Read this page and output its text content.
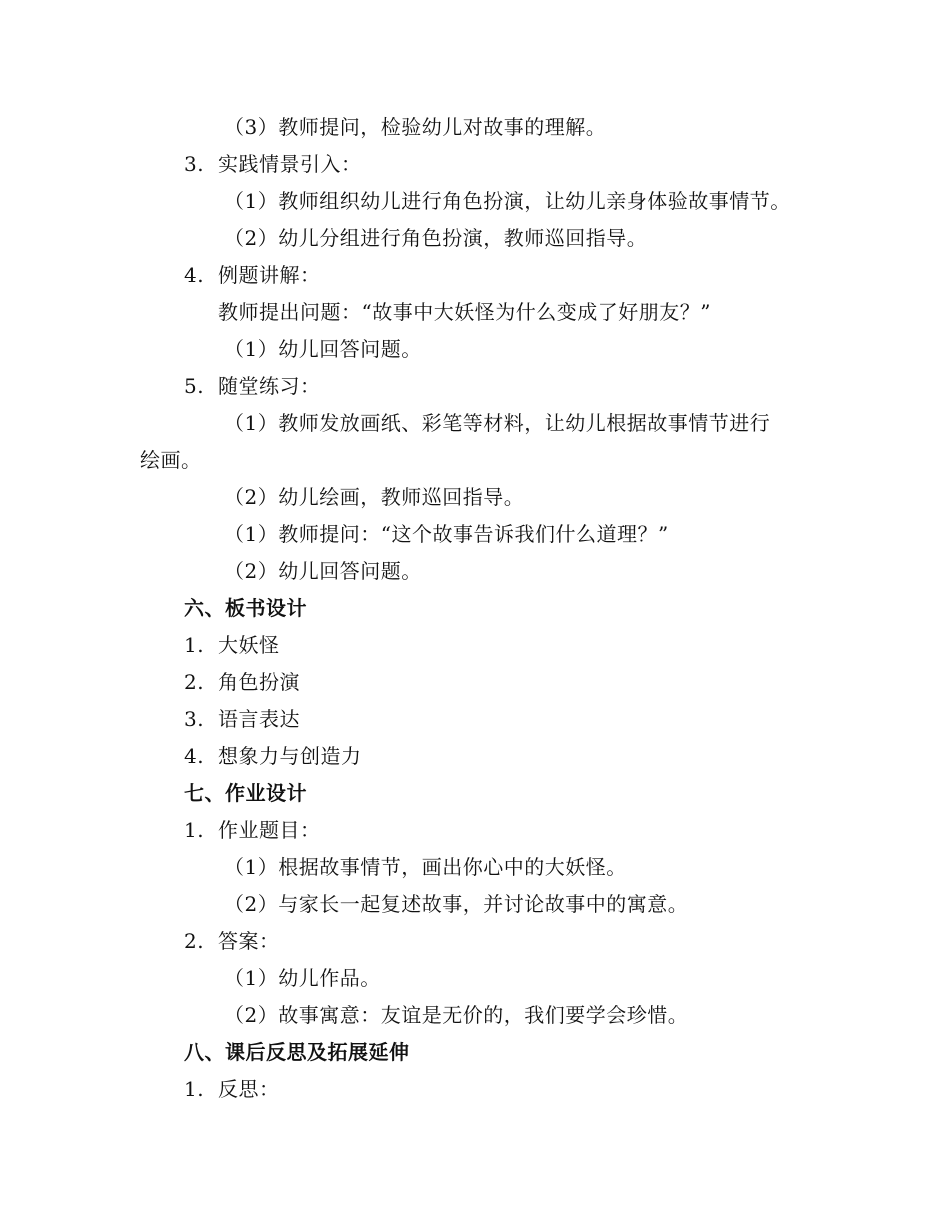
（3）教师提问，检验幼儿对故事的理解。
3. 实践情景引入：
（1）教师组织幼儿进行角色扮演，让幼儿亲身体验故事情节。
（2）幼儿分组进行角色扮演，教师巡回指导。
4. 例题讲解：
教师提出问题：“故事中大妖怪为什么变成了好朋友？”
（1）幼儿回答问题。
5. 随堂练习：
（1）教师发放画纸、彩笔等材料，让幼儿根据故事情节进行
绘画。
（2）幼儿绘画，教师巡回指导。
（1）教师提问：“这个故事告诉我们什么道理？”
（2）幼儿回答问题。
六、板书设计
1. 大妖怪
2. 角色扮演
3. 语言表达
4. 想象力与创造力
七、作业设计
1. 作业题目：
（1）根据故事情节，画出你心中的大妖怪。
（2）与家长一起复述故事，并讨论故事中的寓意。
2. 答案：
（1）幼儿作品。
（2）故事寓意：友谊是无价的，我们要学会珍惜。
八、课后反思及拓展延伸
1. 反思：
